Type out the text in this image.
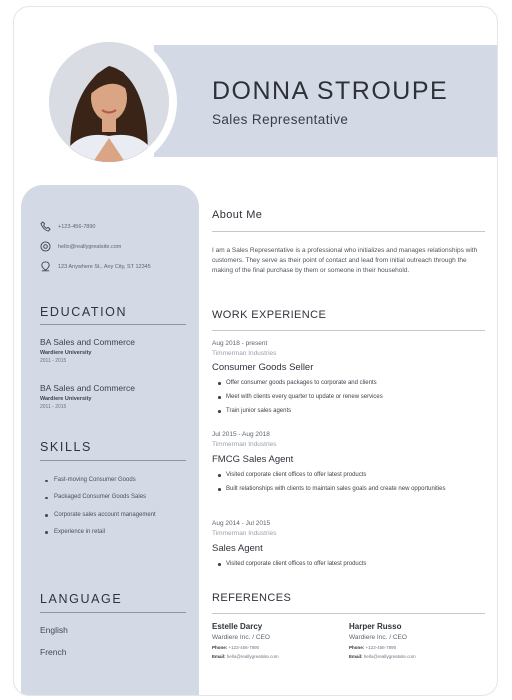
DONNA STROUPE
Sales Representative
+123-456-7890
hello@reallygreatsite.com
123 Anywhere St., Any City, ST 12345
EDUCATION
BA Sales and Commerce
Wardiere University
2011 - 2015
BA Sales and Commerce
Wardiere University
2011 - 2015
SKILLS
Fast-moving Consumer Goods
Packaged Consumer Goods Sales
Corporate sales account management
Experience in retail
LANGUAGE
English
French
About Me

I am a Sales Representative is a professional who initializes and manages relationships with customers. They serve as their point of contact and lead from initial outreach through the making of the final purchase by them or someone in their household.

WORK EXPERIENCE
Aug 2018 - present
Timmerman Industries
Consumer Goods Seller
Offer consumer goods packages to corporate and clients
Meet with clients every quarter to update or renew services
Train junior sales agents
Jul 2015 - Aug 2018
Timmerman Industries
FMCG Sales Agent
Visited corporate client offices to offer latest products
Built relationships with clients to maintain sales goals and create new opportunities
Aug 2014 - Jul 2015
Timmerman Industries
Sales Agent
Visited corporate client offices to offer latest products
REFERENCES
Estelle Darcy
Wardiere Inc. / CEO
Phone: +123-456-7890
Email: hello@reallygreatsite.com
Harper Russo
Wardiere Inc. / CEO
Phone: +123-456-7890
Email: hello@reallygreatsite.com
